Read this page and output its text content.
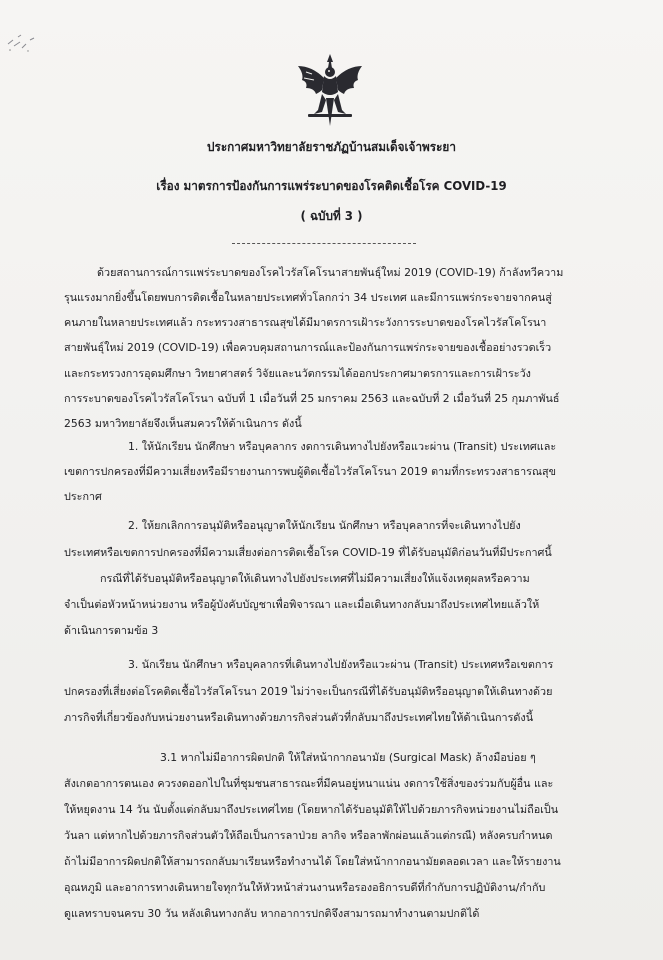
ประกาศมหาวิทยาลัยราชภัฏบ้านสมเด็จเจ้าพระยา
เรื่อง มาตรการป้องกันการแพร่ระบาดของโรคติดเชื้อโรค COVID-19
( ฉบับที่ 3 )
ด้วยสถานการณ์การแพร่ระบาดของโรคไวรัสโคโรนาสายพันธุ์ใหม่ 2019 (COVID-19) ก้าลังทวีความ
รุนแรงมากยิ่งขึ้นโดยพบการติดเชื้อในหลายประเทศทั่วโลกกว่า 34 ประเทศ และมีการแพร่กระจายจากคนสู่
คนภายในหลายประเทศแล้ว กระทรวงสาธารณสุขได้มีมาตรการเฝ้าระวังการระบาดของโรคไวรัสโคโรนา
สายพันธุ์ใหม่ 2019 (COVID-19) เพื่อควบคุมสถานการณ์และป้องกันการแพร่กระจายของเชื้ออย่างรวดเร็ว
และกระทรวงการอุดมศึกษา วิทยาศาสตร์ วิจัยและนวัตกรรมได้ออกประกาศมาตรการและการเฝ้าระวัง
การระบาดของโรคไวรัสโคโรนา ฉบับที่ 1 เมื่อวันที่ 25 มกราคม 2563 และฉบับที่ 2 เมื่อวันที่ 25 กุมภาพันธ์
2563 มหาวิทยาลัยจึงเห็นสมควรให้ด้าเนินการ ดังนี้
1. ให้นักเรียน นักศึกษา หรือบุคลากร งดการเดินทางไปยังหรือแวะผ่าน (Transit) ประเทศและ
เขตการปกครองที่มีความเสี่ยงหรือมีรายงานการพบผู้ติดเชื้อไวรัสโคโรนา 2019 ตามที่กระทรวงสาธารณสุข
ประกาศ
2. ให้ยกเลิกการอนุมัติหรืออนุญาตให้นักเรียน นักศึกษา หรือบุคลากรที่จะเดินทางไปยัง
ประเทศหรือเขตการปกครองที่มีความเสี่ยงต่อการติดเชื้อโรค COVID-19 ที่ได้รับอนุมัติก่อนวันที่มีประกาศนี้
กรณีที่ได้รับอนุมัติหรืออนุญาตให้เดินทางไปยังประเทศที่ไม่มีความเสี่ยงให้แจ้งเหตุผลหรือความ
จำเป็นต่อหัวหน้าหน่วยงาน หรือผู้บังคับบัญชาเพื่อพิจารณา และเมื่อเดินทางกลับมาถึงประเทศไทยแล้วให้
ด้าเนินการตามข้อ 3
3. นักเรียน นักศึกษา หรือบุคลากรที่เดินทางไปยังหรือแวะผ่าน (Transit) ประเทศหรือเขตการ
ปกครองที่เสี่ยงต่อโรคติดเชื้อไวรัสโคโรนา 2019 ไม่ว่าจะเป็นกรณีที่ได้รับอนุมัติหรืออนุญาตให้เดินทางด้วย
ภารกิจที่เกี่ยวข้องกับหน่วยงานหรือเดินทางด้วยภารกิจส่วนตัวที่กลับมาถึงประเทศไทยให้ด้าเนินการดังนี้
3.1 หากไม่มีอาการผิดปกติ ให้ใส่หน้ากากอนามัย (Surgical Mask) ล้างมือบ่อย ๆ
สังเกตอาการตนเอง ควรงดออกไปในที่ชุมชนสาธารณะที่มีคนอยู่หนาแน่น งดการใช้สิ่งของร่วมกับผู้อื่น และ
ให้หยุดงาน 14 วัน นับตั้งแต่กลับมาถึงประเทศไทย (โดยหากได้รับอนุมัติให้ไปด้วยภารกิจหน่วยงานไม่ถือเป็น
วันลา แต่หากไปด้วยภารกิจส่วนตัวให้ถือเป็นการลาป่วย ลากิจ หรือลาพักผ่อนแล้วแต่กรณี) หลังครบกำหนด
ถ้าไม่มีอาการผิดปกติให้สามารถกลับมาเรียนหรือทำงานได้ โดยใส่หน้ากากอนามัยตลอดเวลา และให้รายงาน
อุณหภูมิ และอาการทางเดินหายใจทุกวันให้หัวหน้าส่วนงานหรือรองอธิการบดีที่กำกับการปฏิบัติงาน/กำกับ
ดูแลทราบจนครบ 30 วัน หลังเดินทางกลับ หากอาการปกติจึงสามารถมาทำงานตามปกติได้
